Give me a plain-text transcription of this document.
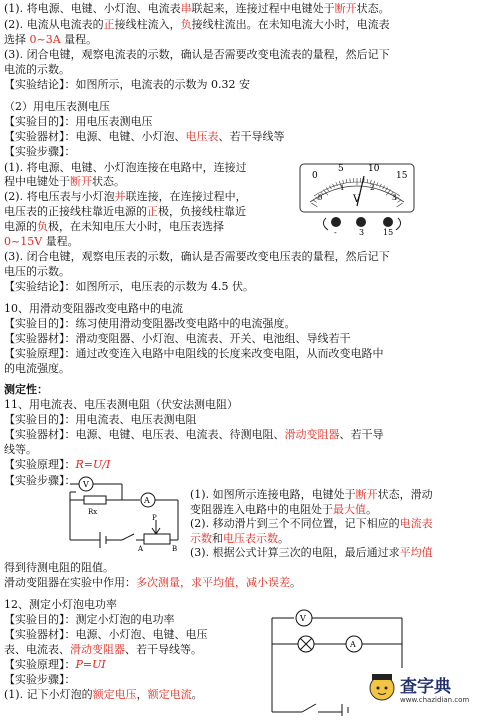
(1). 将电源、电键、小灯泡、电流表串联起来，连接过程中电键处于断开状态。
(2). 电流从电流表的正接线柱流入，负接线柱流出。在未知电流大小时，电流表
选择 0~3A 量程。
(3). 闭合电键，观察电流表的示数，确认是否需要改变电流表的量程，然后记下
电流的示数。
【实验结论】：如图所示，电流表的示数为 0.32 安
（2）用电压表测电压
【实验目的】：用电压表测电压
【实验器材】：电源、电键、小灯泡、电压表、若干导线等
【实验步骤】：
(1). 将电源、电键、小灯泡连接在电路中，连接过
程中电键处于断开状态。
(2). 将电压表与小灯泡并联连接，在连接过程中，
电压表的正接线柱靠近电源的正极，负接线柱靠近
电源的负极，在未知电压大小时，电压表选择
0~15V 量程。
(3). 闭合电键，观察电压表的示数，确认是否需要改变电压表的量程，然后记下
电压的示数。
【实验结论】：如图所示，电压表的示数为 4.5 伏。
10、用滑动变阻器改变电路中的电流
【实验目的】：练习使用滑动变阻器改变电路中的电流强度。
【实验器材】：滑动变阻器、小灯泡、电流表、开关、电池组、导线若干
【实验原理】：通过改变连入电路中电阻线的长度来改变电阻，从而改变电路中
的电流强度。
测定性：
11、用电流表、电压表测电阻（伏安法测电阻）
【实验目的】：用电流表、电压表测电阻
【实验器材】：电源、电键、电压表、电流表、待测电阻、滑动变阻器、若干导
线等。
【实验原理】：R=U/I
【实验步骤】：
(1). 如图所示连接电路，电键处于断开状态，滑动
变阻器连入电路中的电阻处于最大值。
(2). 移动滑片到三个不同位置，记下相应的电流表
示数和电压表示数。
(3). 根据公式计算三次的电阻，最后通过求平均值
得到待测电阻的阻值。
滑动变阻器在实验中作用：多次测量，求平均值，减小误差。
12、测定小灯泡电功率
【实验目的】：测定小灯泡的电功率
【实验器材】：电源、小灯泡、电键、电压
表、电流表、滑动变阻器、若干导线等。
【实验原理】：P=UI
【实验步骤】：
(1). 记下小灯泡的额定电压，额定电流。
V
0
5	10
15
0
1	2
3
-	3 15
V
A
Rx
P
A	B
V
A
查字典
www.chazidian.com
